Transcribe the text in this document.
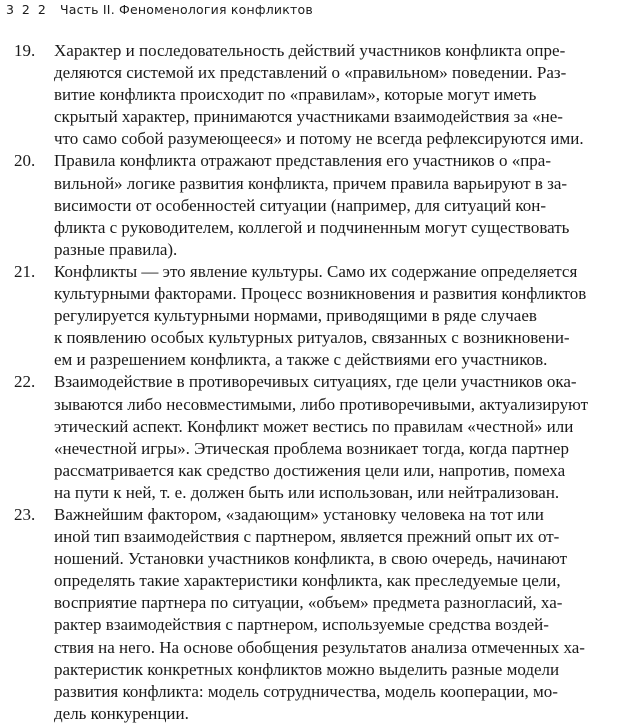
3 2 2 Часть II. Феноменология конфликтов
19.	Характер и последовательность действий участников конфликта опре-
деляются системой их представлений о «правильном» поведении. Раз-
витие конфликта происходит по «правилам», которые могут иметь
скрытый характер, принимаются участниками взаимодействия за «не-
что само собой разумеющееся» и потому не всегда рефлексируются ими.
20.	Правила конфликта отражают представления его участников о «пра-
вильной» логике развития конфликта, причем правила варьируют в за-
висимости от особенностей ситуации (например, для ситуаций кон-
фликта с руководителем, коллегой и подчиненным могут существовать
разные правила).
21.	Конфликты — это явление культуры. Само их содержание определяется
культурными факторами. Процесс возникновения и развития конфликтов
регулируется культурными нормами, приводящими в ряде случаев
к появлению особых культурных ритуалов, связанных с возникновени-
ем и разрешением конфликта, а также с действиями его участников.
22.	Взаимодействие в противоречивых ситуациях, где цели участников ока-
зываются либо несовместимыми, либо противоречивыми, актуализируют
этический аспект. Конфликт может вестись по правилам «честной» или
«нечестной игры». Этическая проблема возникает тогда, когда партнер
рассматривается как средство достижения цели или, напротив, помеха
на пути к ней, т. е. должен быть или использован, или нейтрализован.
23.	Важнейшим фактором, «задающим» установку человека на тот или
иной тип взаимодействия с партнером, является прежний опыт их от-
ношений. Установки участников конфликта, в свою очередь, начинают
определять такие характеристики конфликта, как преследуемые цели,
восприятие партнера по ситуации, «объем» предмета разногласий, ха-
рактер взаимодействия с партнером, используемые средства воздей-
ствия на него. На основе обобщения результатов анализа отмеченных ха-
рактеристик конкретных конфликтов можно выделить разные модели
развития конфликта: модель сотрудничества, модель кооперации, мо-
дель конкуренции.
